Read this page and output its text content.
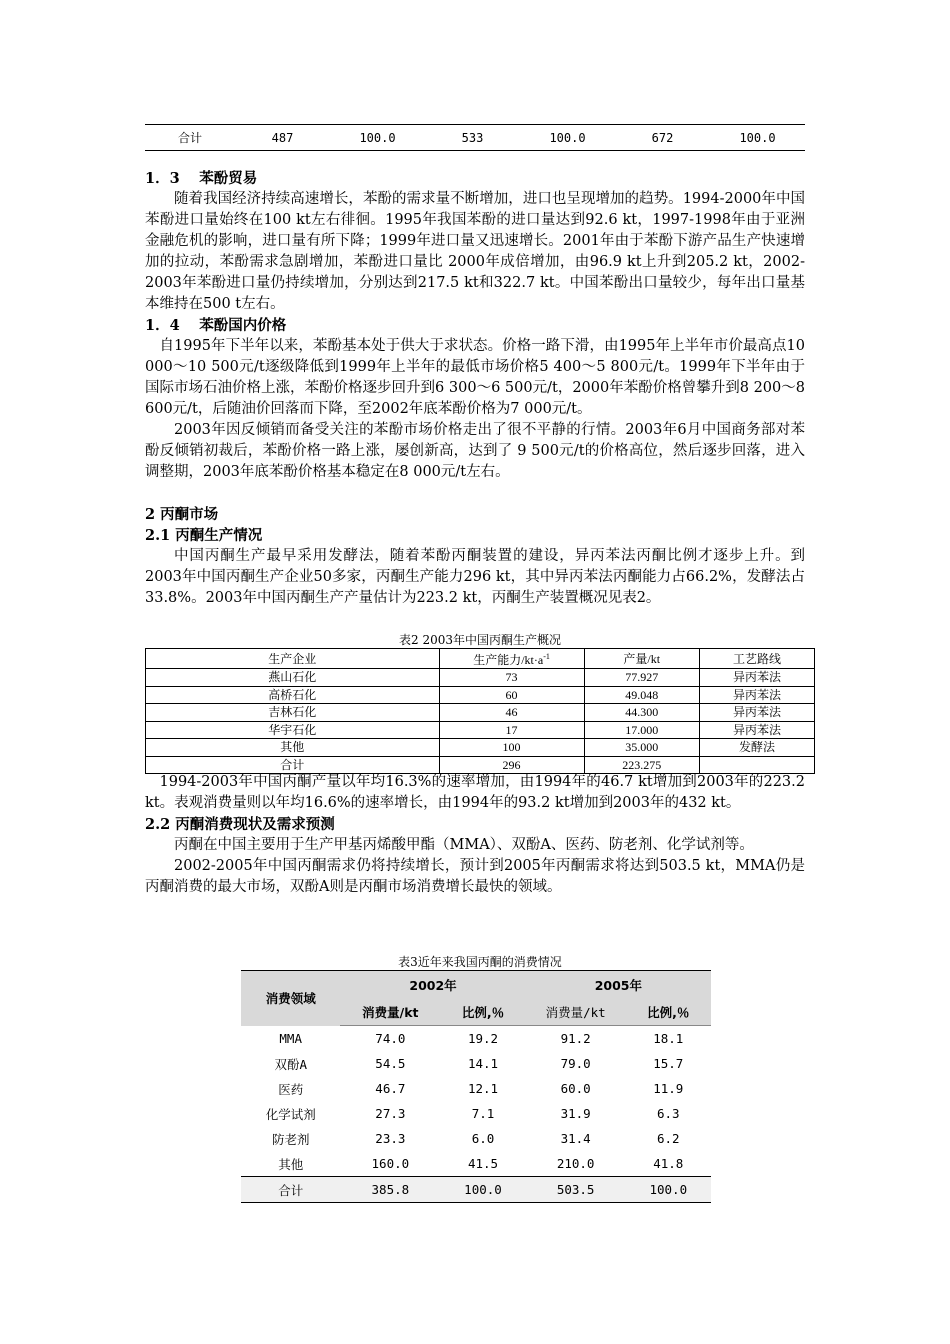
合计	487	100.0	533	100.0	672	100.0
1．3　 苯酚贸易

随着我国经济持续高速增长，苯酚的需求量不断增加，进口也呈现增加的趋势。1994-2000年中国苯酚进口量始终在100 kt左右徘徊。1995年我国苯酚的进口量达到92.6 kt，1997-1998年由于亚洲金融危机的影响，进口量有所下降；1999年进口量又迅速增长。2001年由于苯酚下游产品生产快速增加的拉动，苯酚需求急剧增加，苯酚进口量比 2000年成倍增加，由96.9 kt上升到205.2 kt，2002-2003年苯酚进口量仍持续增加，分别达到217.5 kt和322.7 kt。中国苯酚出口量较少，每年出口量基本维持在500 t左右。

1．4　 苯酚国内价格

自1995年下半年以来，苯酚基本处于供大于求状态。价格一路下滑，由1995年上半年市价最高点10 000～10 500元/t逐级降低到1999年上半年的最低市场价格5 400～5 800元/t。1999年下半年由于国际市场石油价格上涨，苯酚价格逐步回升到6 300～6 500元/t，2000年苯酚价格曾攀升到8 200～8 600元/t，后随油价回落而下降，至2002年底苯酚价格为7 000元/t。

2003年因反倾销而备受关注的苯酚市场价格走出了很不平静的行情。2003年6月中国商务部对苯酚反倾销初裁后，苯酚价格一路上涨，屡创新高，达到了 9 500元/t的价格高位，然后逐步回落，进入调整期，2003年底苯酚价格基本稳定在8 000元/t左右。

2 丙酮市场
2.1 丙酮生产情况

中国丙酮生产最早采用发酵法，随着苯酚丙酮装置的建设，异丙苯法丙酮比例才逐步上升。到2003年中国丙酮生产企业50多家，丙酮生产能力296 kt，其中异丙苯法丙酮能力占66.2%，发酵法占33.8%。2003年中国丙酮生产产量估计为223.2 kt，丙酮生产装置概况见表2。

表2 2003年中国丙酮生产概况
生产企业	生产能力$/kt\cdot a^{-1}$	产量/kt	工艺路线
燕山石化	73	77.927	异丙苯法
高桥石化	60	49.048	异丙苯法
吉林石化	46	44.300	异丙苯法
华宇石化	17	17.000	异丙苯法
其他	100	35.000	发酵法
合计	296	223.275	

1994-2003年中国丙酮产量以年均16.3%的速率增加，由1994年的46.7 kt增加到2003年的223.2 kt。表观消费量则以年均16.6%的速率增长，由1994年的93.2 kt增加到2003年的432 kt。

2.2 丙酮消费现状及需求预测

丙酮在中国主要用于生产甲基丙烯酸甲酯（MMA）、双酚A、医药、防老剂、化学试剂等。

2002-2005年中国丙酮需求仍将持续增长，预计到2005年丙酮需求将达到503.5 kt，MMA仍是丙酮消费的最大市场，双酚A则是丙酮市场消费增长最快的领域。

表3近年来我国丙酮的消费情况
消费领域	2002年		2005年	
	消费量/kt	比例,％	消费量/kt	比例,％
MMA	74.0	19.2	91.2	18.1
双酚A	54.5	14.1	79.0	15.7
医药	46.7	12.1	60.0	11.9
化学试剂	27.3	7.1	31.9	6.3
防老剂	23.3	6.0	31.4	6.2
其他	160.0	41.5	210.0	41.8
合计	385.8	100.0	503.5	100.0
